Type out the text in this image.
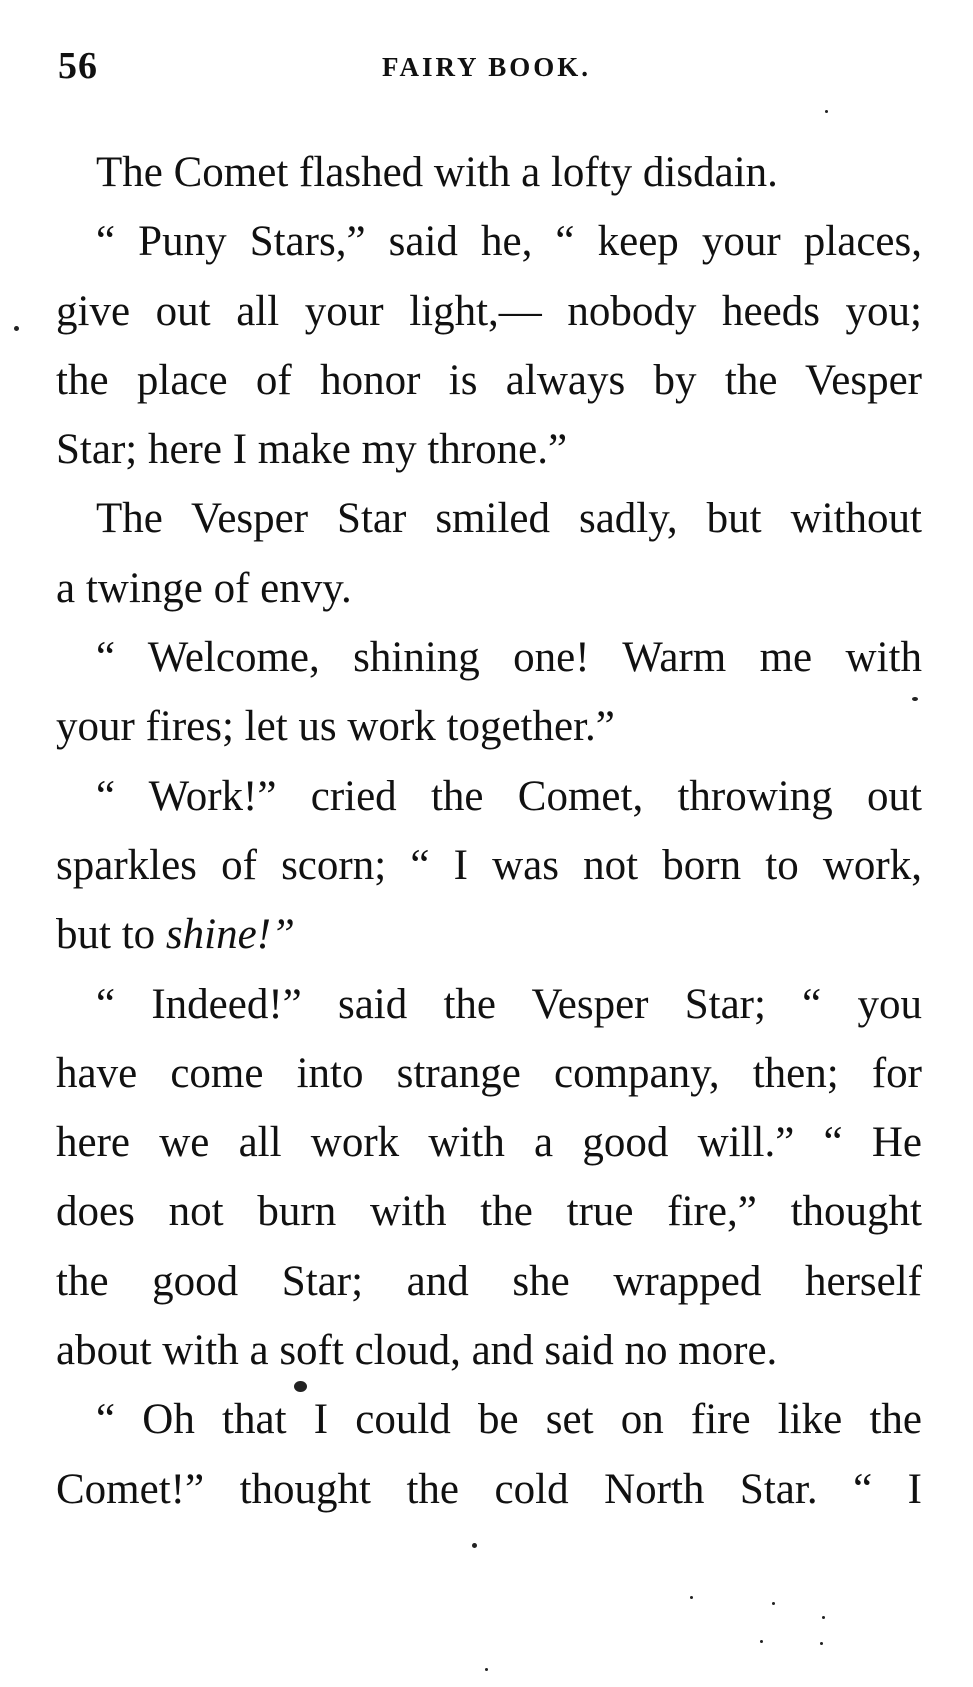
56	FAIRY BOOK.
The Comet flashed with a lofty disdain.
“ Puny Stars,” said he, “ keep your places,
give out all your light,— nobody heeds you;
the place of honor is always by the Vesper
Star; here I make my throne.”
The Vesper Star smiled sadly, but without
a twinge of envy.
“ Welcome, shining one! Warm me with
your fires; let us work together.”
“ Work!” cried the Comet, throwing out
sparkles of scorn; “ I was not born to work,
but to shine!”
“ Indeed!” said the Vesper Star; “ you
have come into strange company, then; for
here we all work with a good will.” “ He
does not burn with the true fire,” thought
the good Star; and she wrapped herself
about with a soft cloud, and said no more.
“ Oh that I could be set on fire like the
Comet!” thought the cold North Star. “ I
